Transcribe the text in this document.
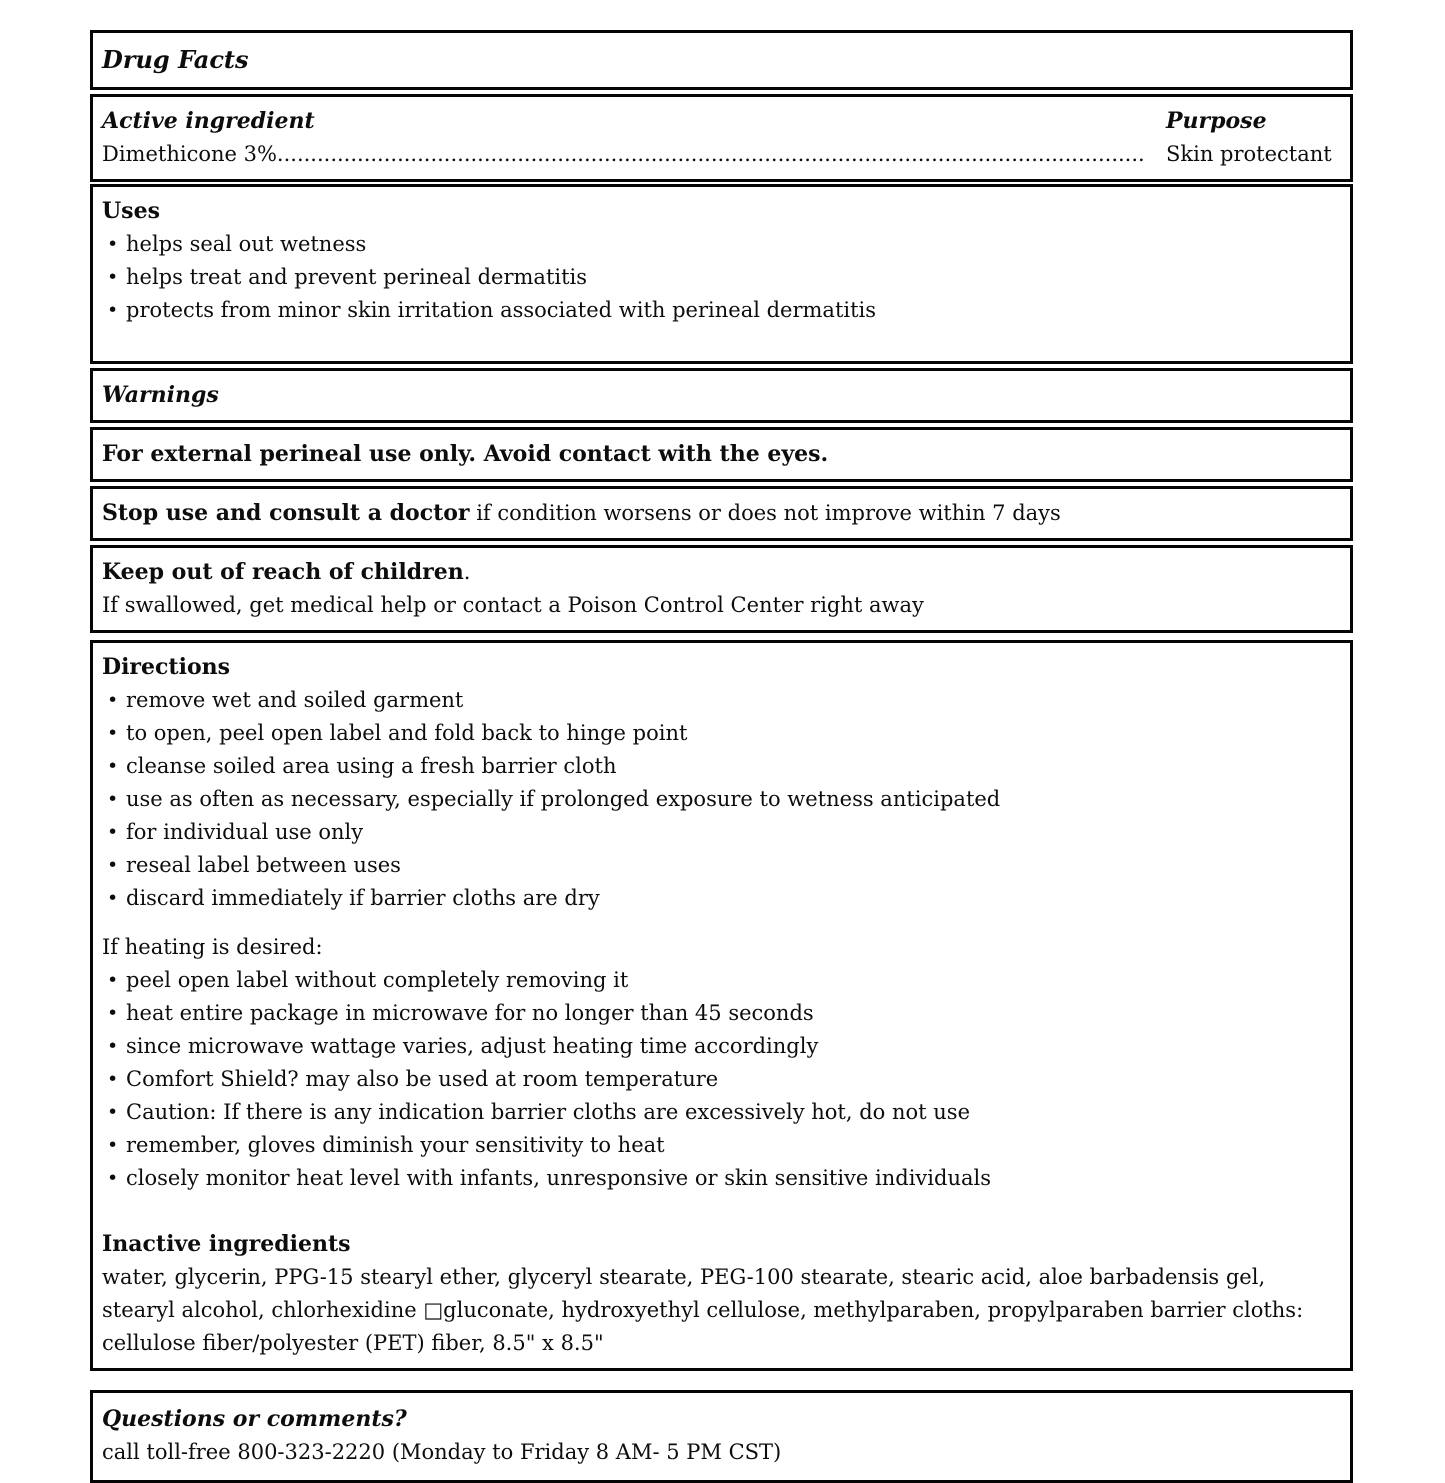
Drug Facts
Active ingredient	Purpose
Dimethicone 3%..................................................................................................................................	Skin protectant
Uses
• helps seal out wetness
• helps treat and prevent perineal dermatitis
• protects from minor skin irritation associated with perineal dermatitis
Warnings
For external perineal use only. Avoid contact with the eyes.
Stop use and consult a doctor if condition worsens or does not improve within 7 days
Keep out of reach of children.
If swallowed, get medical help or contact a Poison Control Center right away
Directions
• remove wet and soiled garment
• to open, peel open label and fold back to hinge point
• cleanse soiled area using a fresh barrier cloth
• use as often as necessary, especially if prolonged exposure to wetness anticipated
• for individual use only
• reseal label between uses
• discard immediately if barrier cloths are dry
If heating is desired:
• peel open label without completely removing it
• heat entire package in microwave for no longer than 45 seconds
• since microwave wattage varies, adjust heating time accordingly
• Comfort Shield? may also be used at room temperature
• Caution: If there is any indication barrier cloths are excessively hot, do not use
• remember, gloves diminish your sensitivity to heat
• closely monitor heat level with infants, unresponsive or skin sensitive individuals
Inactive ingredients
water, glycerin, PPG-15 stearyl ether, glyceryl stearate, PEG-100 stearate, stearic acid, aloe barbadensis gel, stearyl alcohol, chlorhexidine □gluconate, hydroxyethyl cellulose, methylparaben, propylparaben barrier cloths: cellulose fiber/polyester (PET) fiber, 8.5" x 8.5"
Questions or comments?
call toll-free 800-323-2220 (Monday to Friday 8 AM- 5 PM CST)
